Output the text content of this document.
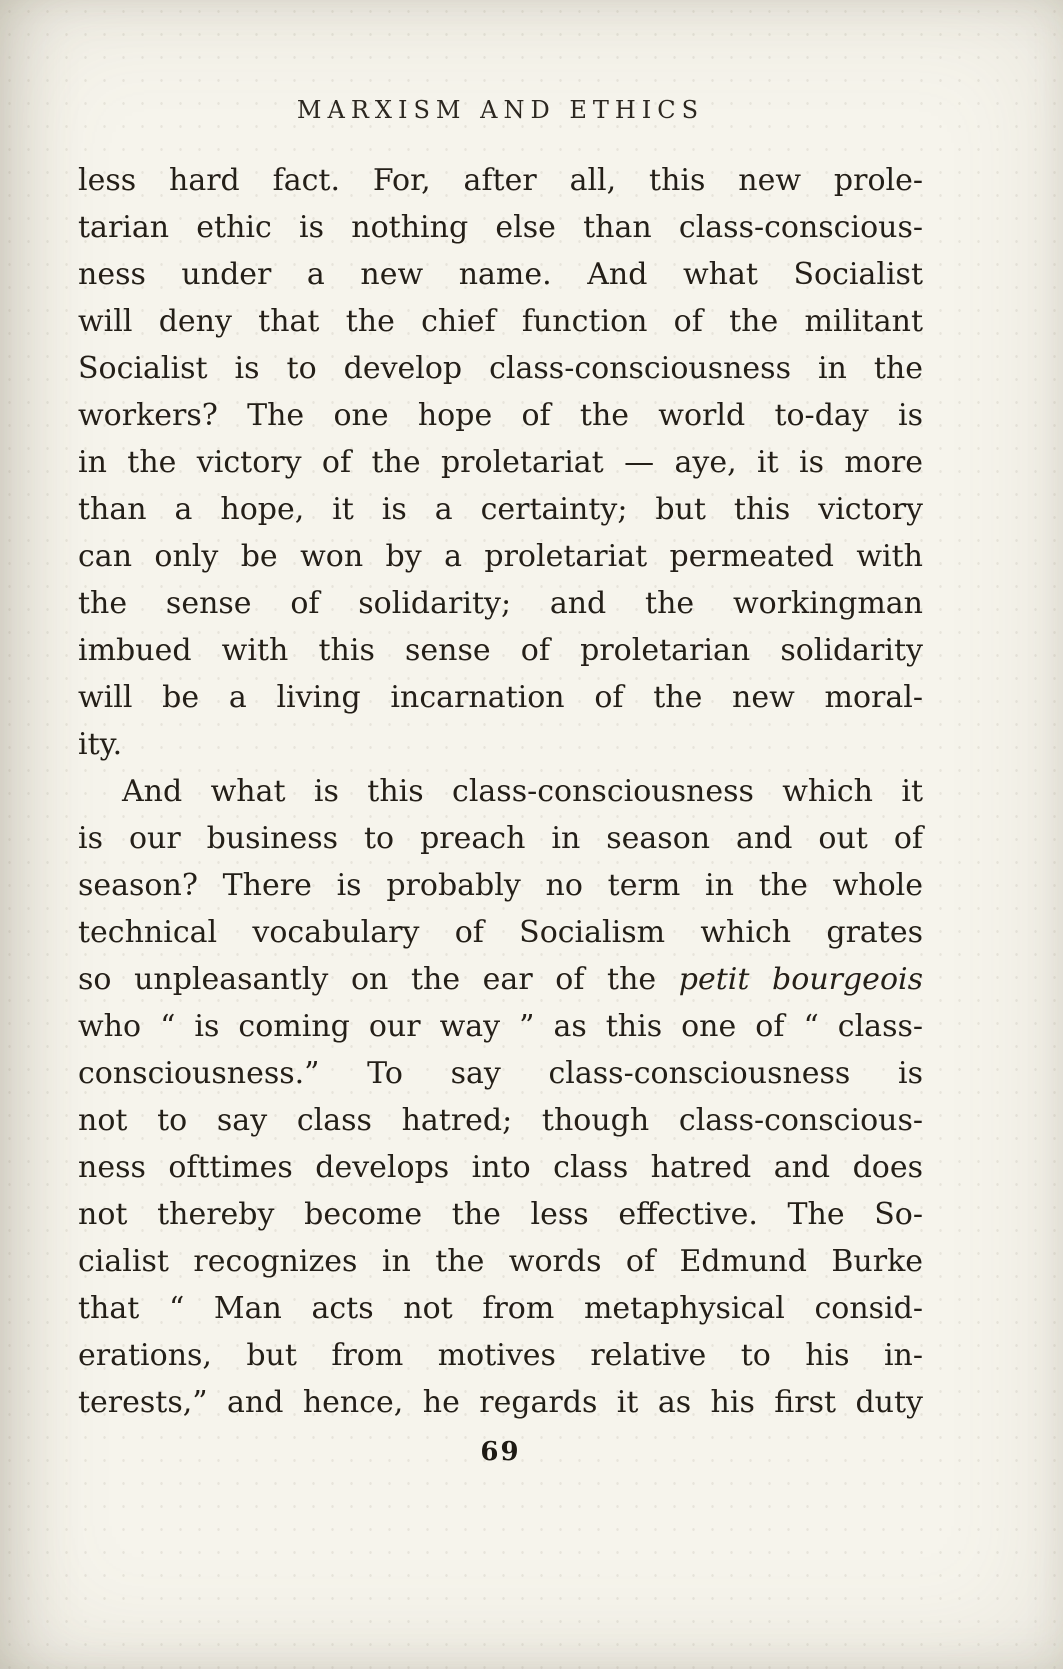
MARXISM AND ETHICS
less hard fact. For, after all, this new prole-
tarian ethic is nothing else than class-conscious-
ness under a new name. And what Socialist
will deny that the chief function of the militant
Socialist is to develop class-consciousness in the
workers? The one hope of the world to-day is
in the victory of the proletariat — aye, it is more
than a hope, it is a certainty; but this victory
can only be won by a proletariat permeated with
the sense of solidarity; and the workingman
imbued with this sense of proletarian solidarity
will be a living incarnation of the new moral-
ity.
And what is this class-consciousness which it
is our business to preach in season and out of
season? There is probably no term in the whole
technical vocabulary of Socialism which grates
so unpleasantly on the ear of the petit bourgeois
who “ is coming our way ” as this one of “ class-
consciousness.” To say class-consciousness is
not to say class hatred; though class-conscious-
ness ofttimes develops into class hatred and does
not thereby become the less effective. The So-
cialist recognizes in the words of Edmund Burke
that “ Man acts not from metaphysical consid-
erations, but from motives relative to his in-
terests,” and hence, he regards it as his first duty
69
